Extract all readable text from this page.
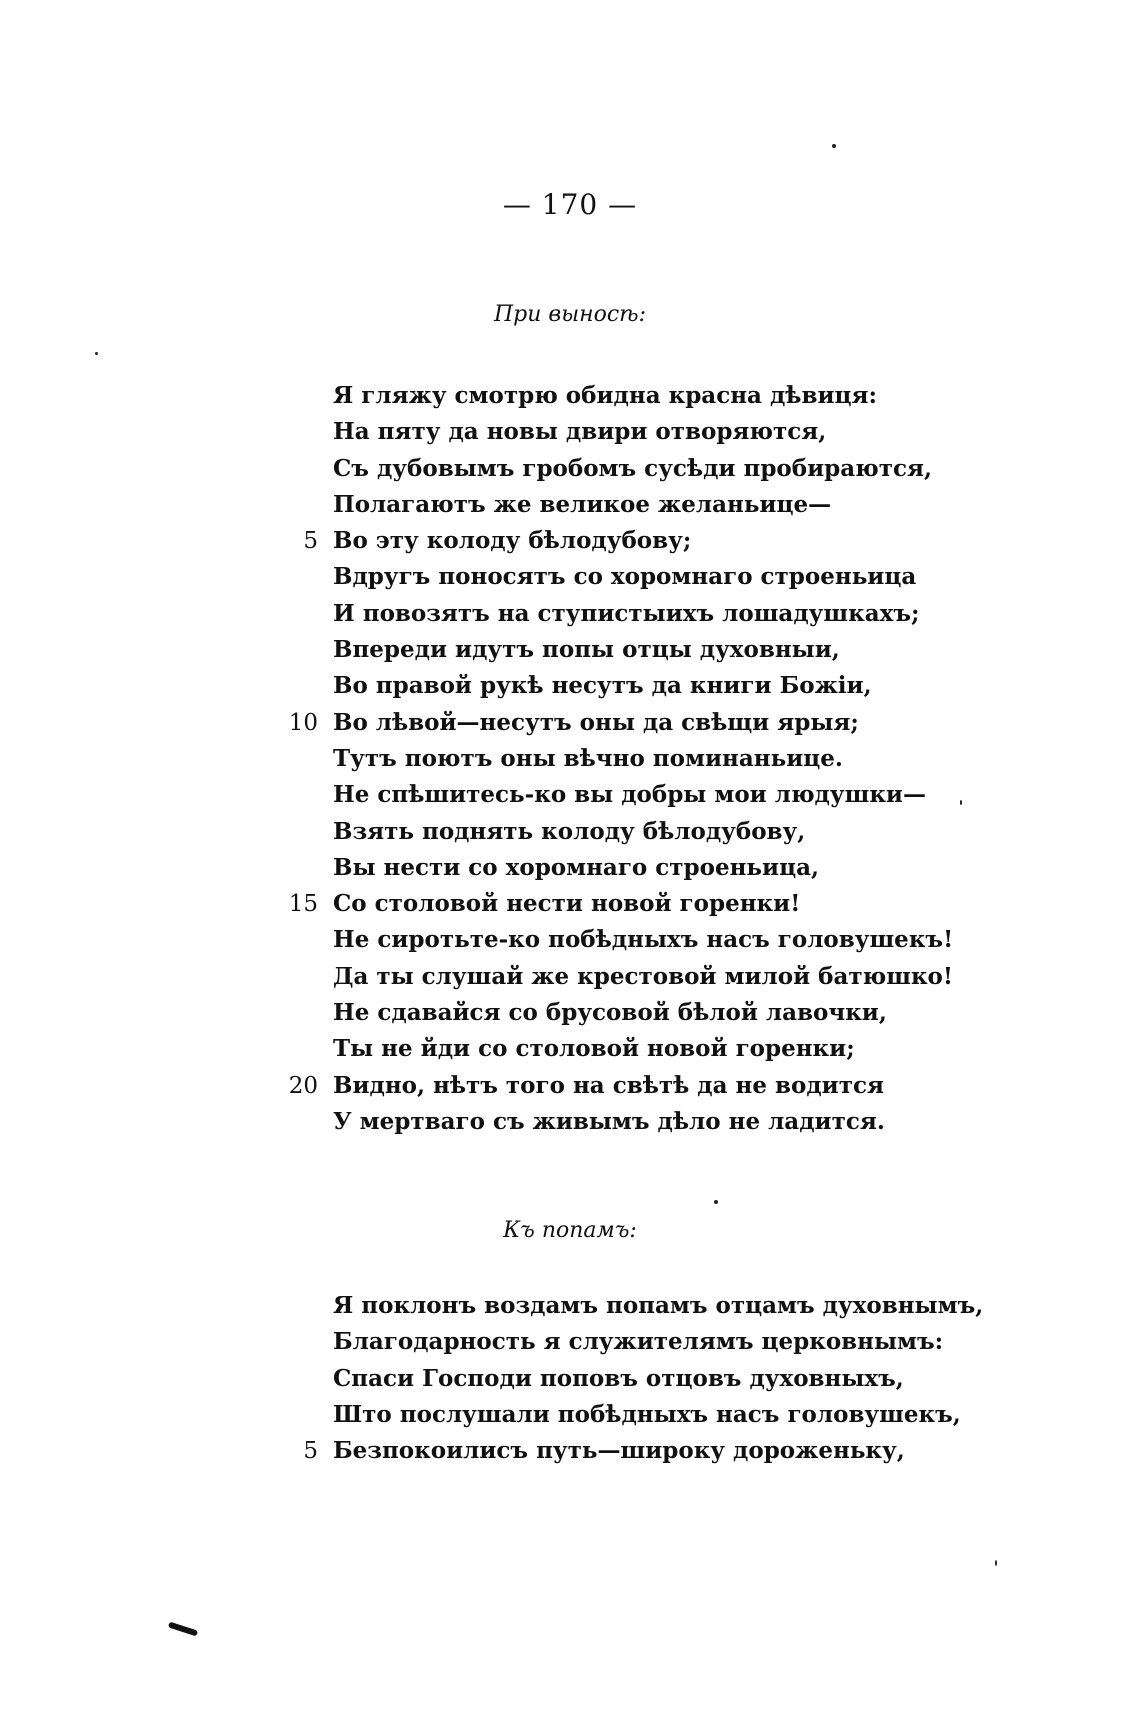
— 170 —
При выносѣ:
Я гляжу смотрю обидна красна дѣвиця:
На пяту да новы двири отворяются,
Съ дубовымъ гробомъ сусѣди пробираются,
Полагаютъ же великое желаньице—
5 Во эту колоду бѣлодубову;
Вдругъ поносятъ со хоромнаго строеньица
И повозятъ на ступистыихъ лошадушкахъ;
Впереди идутъ попы отцы духовныи,
Во правой рукѣ несутъ да книги Божіи,
10 Во лѣвой—несутъ оны да свѣщи ярыя;
Тутъ поютъ оны вѣчно поминаньице.
Не спѣшитесь-ко вы добры мои людушки—
Взять поднять колоду бѣлодубову,
Вы нести со хоромнаго строеньица,
15 Со столовой нести новой горенки!
Не сиротьте-ко побѣдныхъ насъ головушекъ!
Да ты слушай же крестовой милой батюшко!
Не сдавайся со брусовой бѣлой лавочки,
Ты не йди со столовой новой горенки;
20 Видно, нѣтъ того на свѣтѣ да не водится
У мертваго съ живымъ дѣло не ладится.
Къ попамъ:
Я поклонъ воздамъ попамъ отцамъ духовнымъ,
Благодарность я служителямъ церковнымъ:
Спаси Господи поповъ отцовъ духовныхъ,
Што послушали побѣдныхъ насъ головушекъ,
5 Безпокоилисъ путь—широку дороженьку,
